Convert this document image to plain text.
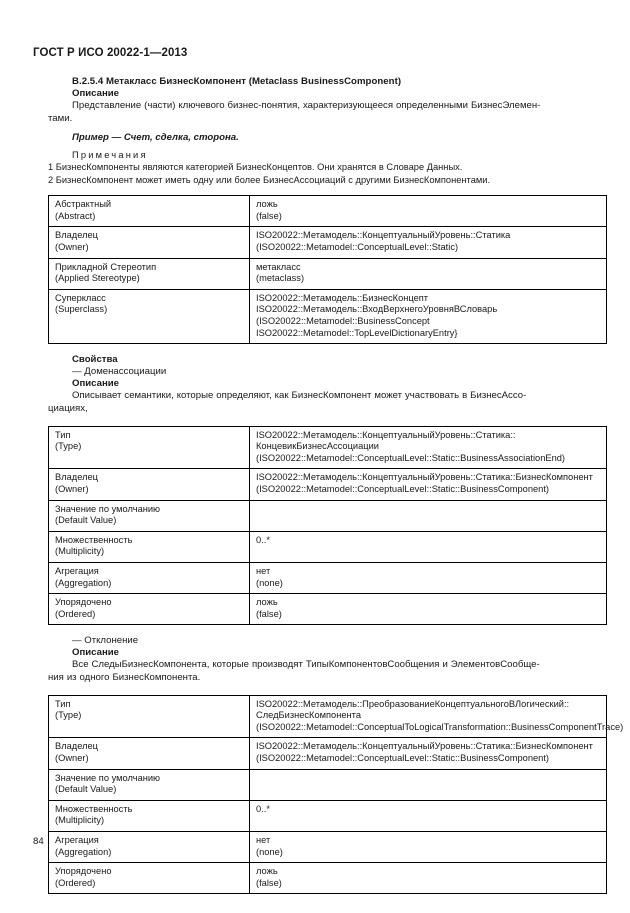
ГОСТ Р ИСО 20022-1—2013
В.2.5.4 Метакласс БизнесКомпонент (Metaclass BusinessComponent)
Описание
Представление (части) ключевого бизнес-понятия, характеризующееся определенными БизнесЭлемен-
тами.
Пример — Счет, сделка, сторона.
Примечания
1 БизнесКомпоненты являются категорией БизнесКонцептов. Они хранятся в Словаре Данных.
2 БизнесКомпонент может иметь одну или более БизнесАссоциаций с другими БизнесКомпонентами.
Абстрактный
(Abstract)	ложь
(false)

Владелец
(Owner)	ISO20022::Метамодель::КонцептуальныйУровень::Статика
(ISO20022::Metamodel::ConceptualLevel::Static)

Прикладной Стереотип
(Applied Stereotype)	метакласс
(metaclass)

Суперкласс
(Superclass)	ISO20022::Метамодель::БизнесКонцепт
ISO20022::Метамодель::ВходВерхнегоУровняВСловарь
(ISO20022::Metamodel::BusinessConcept
ISO20022::Metamodel::TopLevelDictionaryEntry}
Свойства
— Доменассоциации
Описание
Описывает семантики, которые определяют, как БизнесКомпонент может участвовать в БизнесАссо-
циациях,
Тип
(Type)	ISO20022::Метамодель::КонцептуальныйУровень::Статика::
КонцевикБизнесАссоциации
(ISO20022::Metamodel::ConceptualLevel::Static::BusinessAssociationEnd)

Владелец
(Owner)	ISO20022::Метамодель::КонцептуальныйУровень::Статика::БизнесКомпонент
(ISO20022::Metamodel::ConceptualLevel::Static::BusinessComponent)

Значение по умолчанию
(Default Value)	

Множественность
(Multiplicity)	0..*

Агрегация
(Aggregation)	нет
(none)

Упорядочено
(Ordered)	ложь
(false)
— Отклонение
Описание
Все СледыБизнесКомпонента, которые производят ТипыКомпонентовСообщения и ЭлементовСообще-
ния из одного БизнесКомпонента.
Тип
(Type)	ISO20022::Метамодель::ПреобразованиеКонцептуальногоВЛогический::
СледБизнесКомпонента
(ISO20022::Metamodel::ConceptualToLogicalTransformation::BusinessComponentTrace)

Владелец
(Owner)	ISO20022::Метамодель::КонцептуальныйУровень::Статика::БизнесКомпонент
(ISO20022::Metamodel::ConceptualLevel::Static::BusinessComponent)

Значение по умолчанию
(Default Value)	

Множественность
(Multiplicity)	0..*

Агрегация
(Aggregation)	нет
(none)

Упорядочено
(Ordered)	ложь
(false)
84
